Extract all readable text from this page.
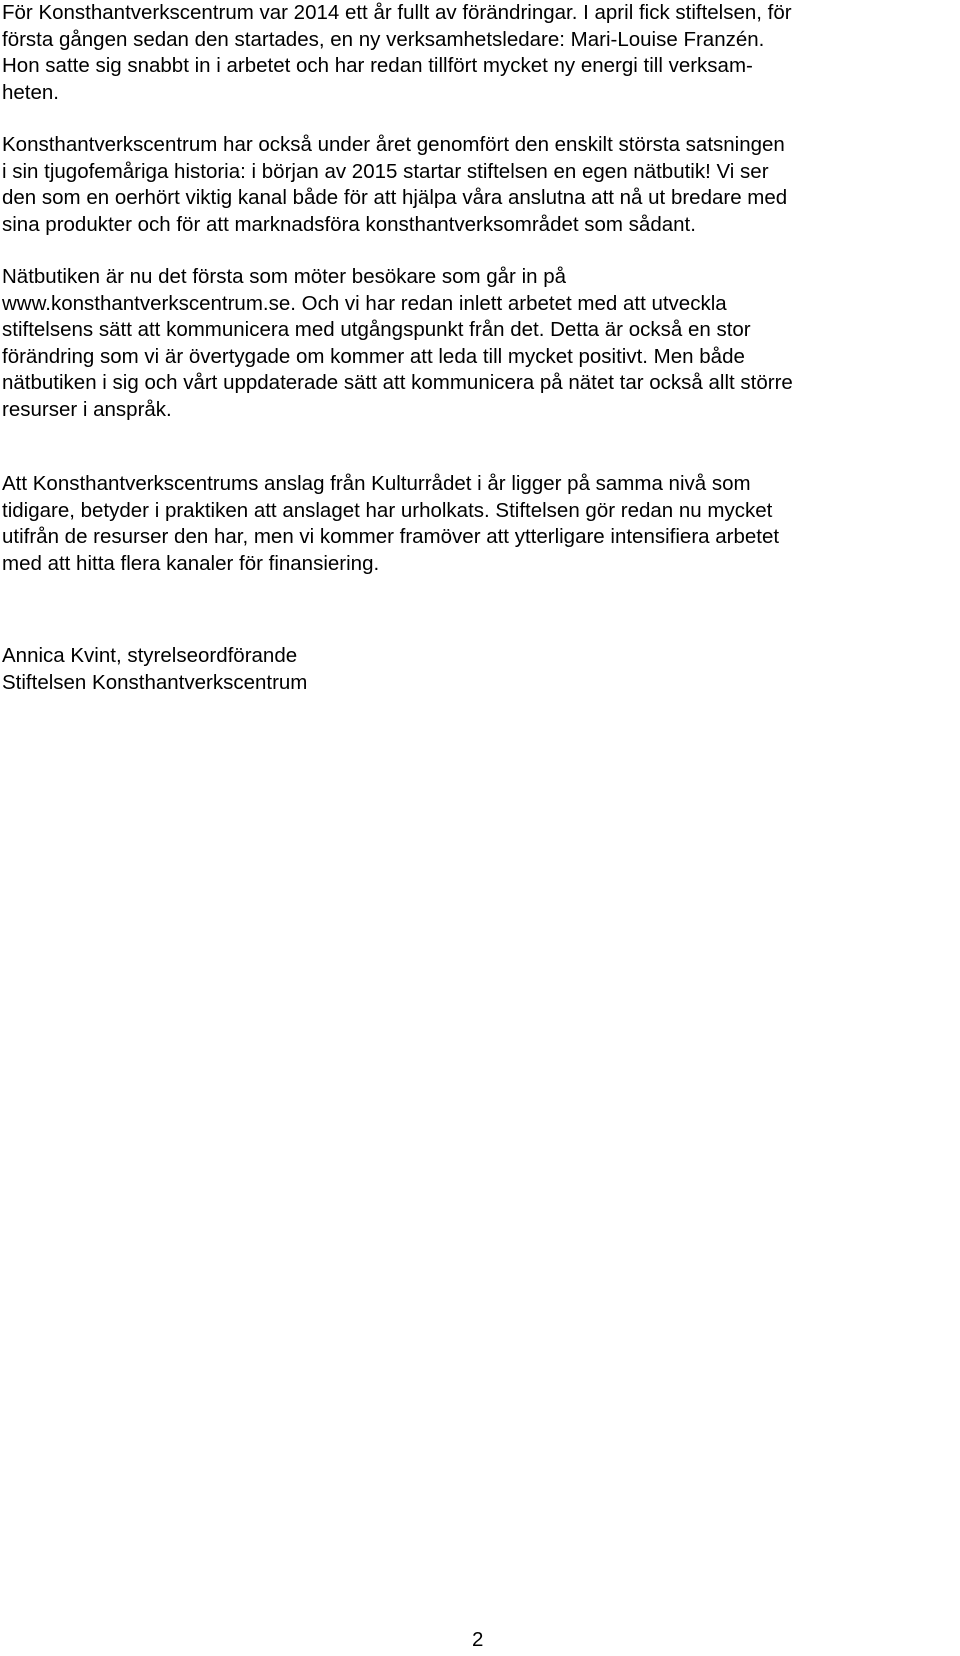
För Konsthantverkscentrum var 2014 ett år fullt av förändringar. I april fick stiftelsen, för
första gången sedan den startades, en ny verksamhetsledare: Mari-Louise Franzén.
Hon satte sig snabbt in i arbetet och har redan tillfört mycket ny energi till verksam-
heten.

Konsthantverkscentrum har också under året genomfört den enskilt största satsningen
i sin tjugofemåriga historia: i början av 2015 startar stiftelsen en egen nätbutik! Vi ser
den som en oerhört viktig kanal både för att hjälpa våra anslutna att nå ut bredare med
sina produkter och för att marknadsföra konsthantverksområdet som sådant.

Nätbutiken är nu det första som möter besökare som går in på
www.konsthantverkscentrum.se. Och vi har redan inlett arbetet med att utveckla
stiftelsens sätt att kommunicera med utgångspunkt från det. Detta är också en stor
förändring som vi är övertygade om kommer att leda till mycket positivt. Men både
nätbutiken i sig och vårt uppdaterade sätt att kommunicera på nätet tar också allt större
resurser i anspråk.

Att Konsthantverkscentrums anslag från Kulturrådet i år ligger på samma nivå som
tidigare, betyder i praktiken att anslaget har urholkats. Stiftelsen gör redan nu mycket
utifrån de resurser den har, men vi kommer framöver att ytterligare intensifiera arbetet
med att hitta flera kanaler för finansiering.

Annica Kvint, styrelseordförande
Stiftelsen Konsthantverkscentrum

2
